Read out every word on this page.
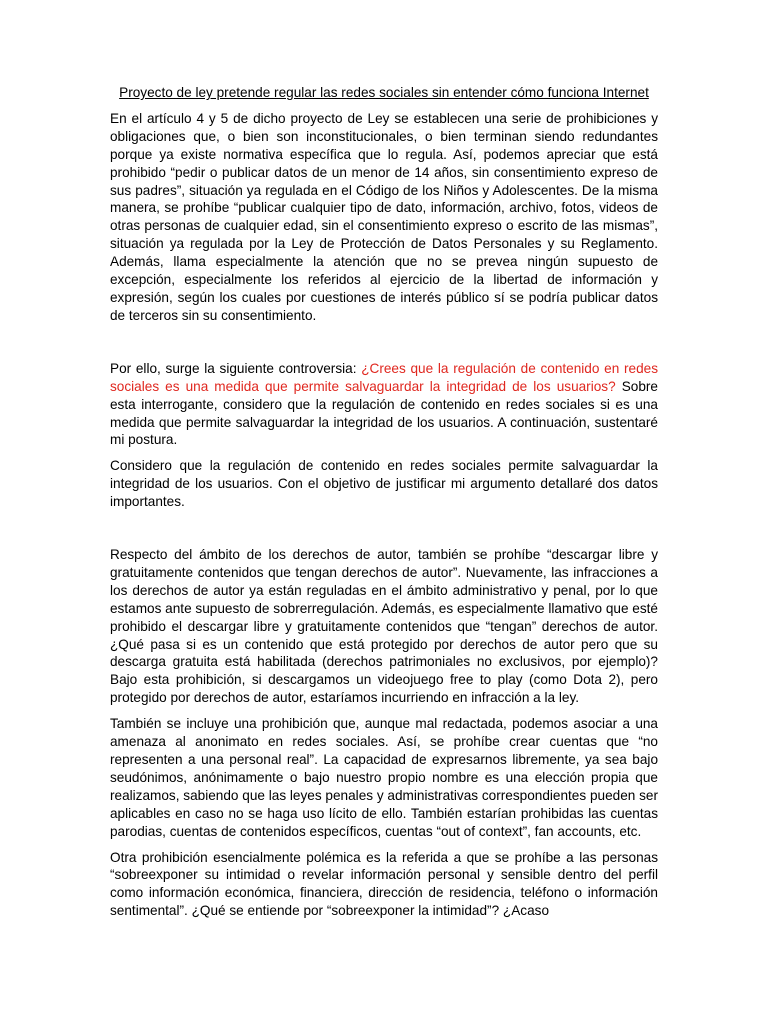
Proyecto de ley pretende regular las redes sociales sin entender cómo funciona Internet

En el artículo 4 y 5 de dicho proyecto de Ley se establecen una serie de prohibiciones y obligaciones que, o bien son inconstitucionales, o bien terminan siendo redundantes porque ya existe normativa específica que lo regula. Así, podemos apreciar que está prohibido “pedir o publicar datos de un menor de 14 años, sin consentimiento expreso de sus padres”, situación ya regulada en el Código de los Niños y Adolescentes. De la misma manera, se prohíbe “publicar cualquier tipo de dato, información, archivo, fotos, videos de otras personas de cualquier edad, sin el consentimiento expreso o escrito de las mismas”, situación ya regulada por la Ley de Protección de Datos Personales y su Reglamento. Además, llama especialmente la atención que no se prevea ningún supuesto de excepción, especialmente los referidos al ejercicio de la libertad de información y expresión, según los cuales por cuestiones de interés público sí se podría publicar datos de terceros sin su consentimiento.

Por ello, surge la siguiente controversia: ¿Crees que la regulación de contenido en redes sociales es una medida que permite salvaguardar la integridad de los usuarios? Sobre esta interrogante, considero que la regulación de contenido en redes sociales si es una medida que permite salvaguardar la integridad de los usuarios. A continuación, sustentaré mi postura.

Considero que la regulación de contenido en redes sociales permite salvaguardar la integridad de los usuarios. Con el objetivo de justificar mi argumento detallaré dos datos importantes.

Respecto del ámbito de los derechos de autor, también se prohíbe “descargar libre y gratuitamente contenidos que tengan derechos de autor”. Nuevamente, las infracciones a los derechos de autor ya están reguladas en el ámbito administrativo y penal, por lo que estamos ante supuesto de sobrerregulación. Además, es especialmente llamativo que esté prohibido el descargar libre y gratuitamente contenidos que “tengan” derechos de autor. ¿Qué pasa si es un contenido que está protegido por derechos de autor pero que su descarga gratuita está habilitada (derechos patrimoniales no exclusivos, por ejemplo)? Bajo esta prohibición, si descargamos un videojuego free to play (como Dota 2), pero protegido por derechos de autor, estaríamos incurriendo en infracción a la ley.

También se incluye una prohibición que, aunque mal redactada, podemos asociar a una amenaza al anonimato en redes sociales. Así, se prohíbe crear cuentas que “no representen a una personal real”. La capacidad de expresarnos libremente, ya sea bajo seudónimos, anónimamente o bajo nuestro propio nombre es una elección propia que realizamos, sabiendo que las leyes penales y administrativas correspondientes pueden ser aplicables en caso no se haga uso lícito de ello. También estarían prohibidas las cuentas parodias, cuentas de contenidos específicos, cuentas “out of context”, fan accounts, etc.

Otra prohibición esencialmente polémica es la referida a que se prohíbe a las personas “sobreexponer su intimidad o revelar información personal y sensible dentro del perfil como información económica, financiera, dirección de residencia, teléfono o información sentimental”. ¿Qué se entiende por “sobreexponer la intimidad”? ¿Acaso
